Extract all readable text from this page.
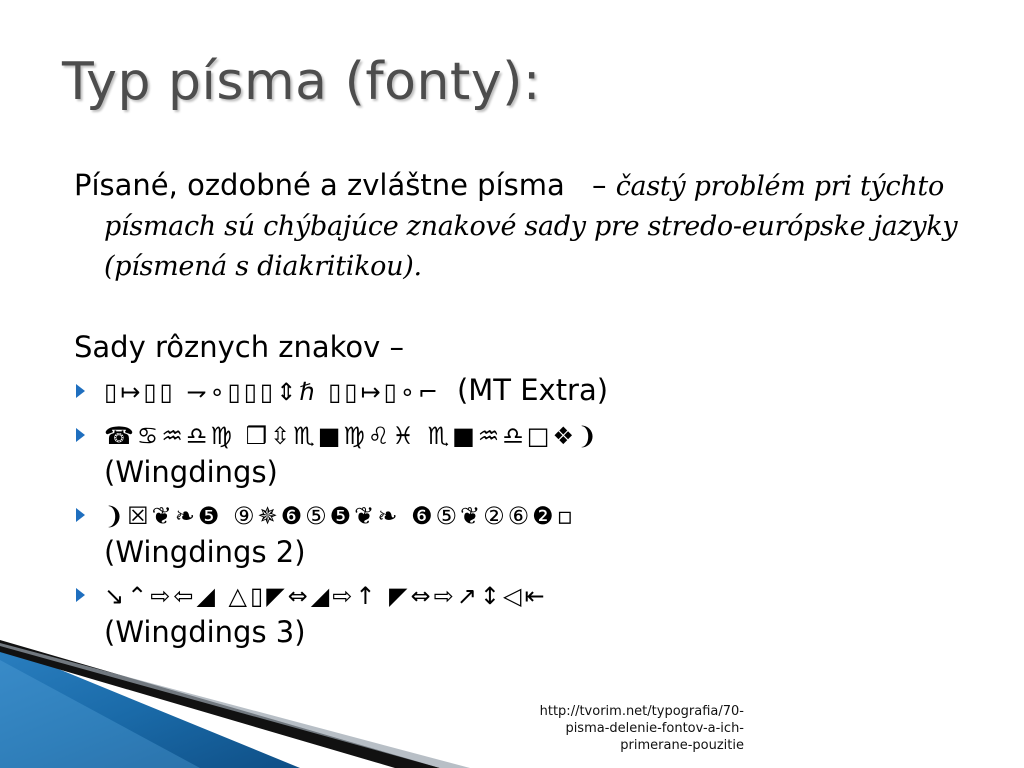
Typ písma (fonty):
Písané, ozdobné a zvláštne písma – častý problém pri týchto písmach sú chýbajúce znakové sady pre stredo-európske jazyky (písmená s diakritikou).
Sady rôznych znakov –
▯↦▯▯ ⇁∘▯▯▯⇕ℏ ▯▯↦▯∘⌐ (MT Extra)
☎♋♒♎♍ ❒⇳♏■♍♌♓ ♏■♒♎□❖❩
(Wingdings)
❩☒❦❧❺ ⑨✵❻⑤❺❦❧ ❻⑤❦②⑥❷▫
(Wingdings 2)
↘⌃⇨⇦◢ △▯◤⇔◢⇨↑ ◤⇔⇨↗↕◁⇤
(Wingdings 3)
http://tvorim.net/typografia/70-
pisma-delenie-fontov-a-ich-
primerane-pouzitie
